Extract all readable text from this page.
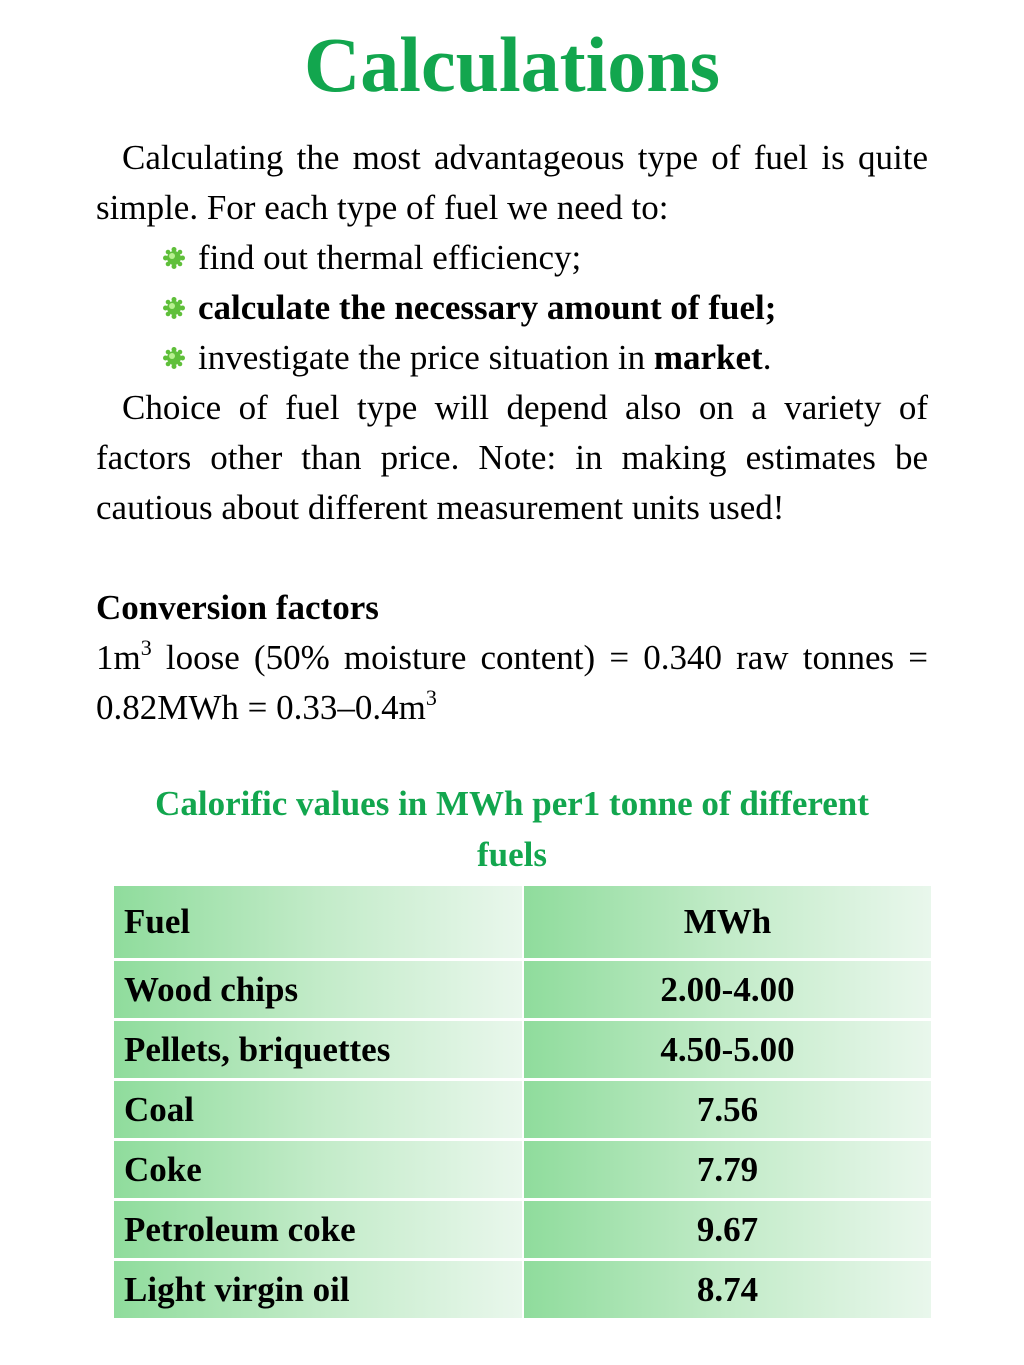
Calculations
Calculating the most advantageous type of fuel is quite simple. For each type of fuel we need to:
find out thermal efficiency;
calculate the necessary amount of fuel;
investigate the price situation in market.
Choice of fuel type will depend also on a variety of factors other than price. Note: in making estimates be cautious about different measurement units used!
Conversion factors
$1m^3$ loose (50% moisture content) = 0.340 raw tonnes = $0.82MWh = 0.33-0.4m^3$
Calorific values in MWh per1 tonne of different fuels
Fuel	MWh
Wood chips	2.00-4.00
Pellets, briquettes	4.50-5.00
Coal	7.56
Coke	7.79
Petroleum coke	9.67
Light virgin oil	8.74
